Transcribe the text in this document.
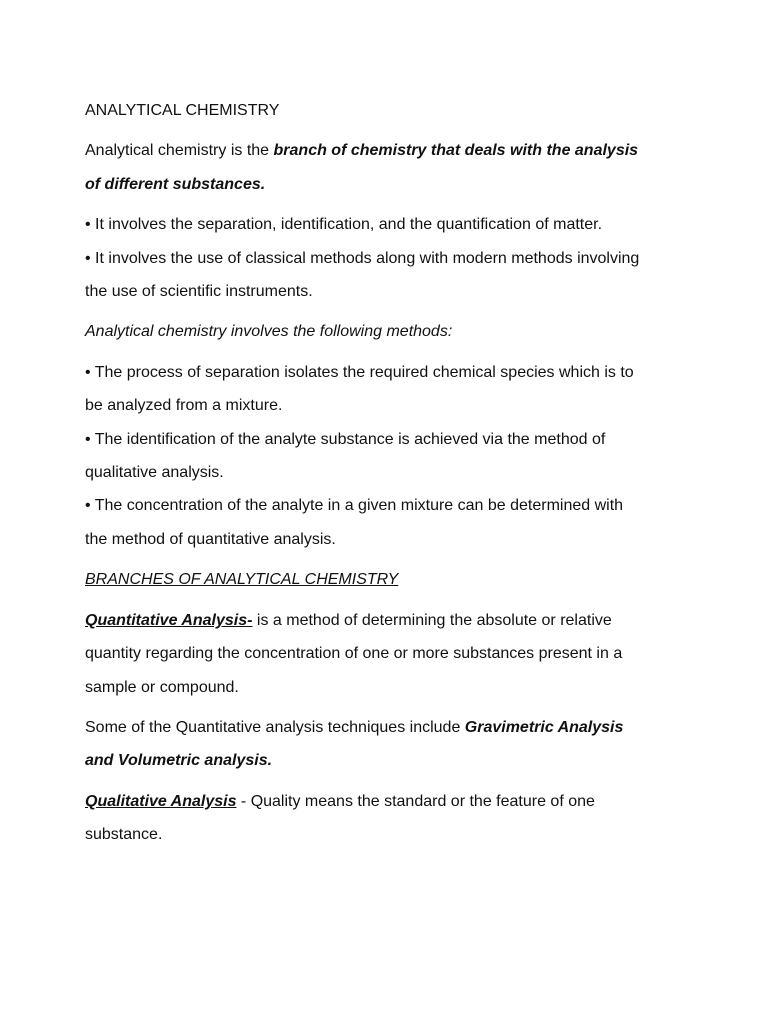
ANALYTICAL CHEMISTRY

Analytical chemistry is the branch of chemistry that deals with the analysis of different substances.

• It involves the separation, identification, and the quantification of matter.

• It involves the use of classical methods along with modern methods involving the use of scientific instruments.

Analytical chemistry involves the following methods:

• The process of separation isolates the required chemical species which is to be analyzed from a mixture.

• The identification of the analyte substance is achieved via the method of qualitative analysis.

• The concentration of the analyte in a given mixture can be determined with the method of quantitative analysis.

BRANCHES OF ANALYTICAL CHEMISTRY

Quantitative Analysis- is a method of determining the absolute or relative quantity regarding the concentration of one or more substances present in a sample or compound.

Some of the Quantitative analysis techniques include Gravimetric Analysis and Volumetric analysis.

Qualitative Analysis - Quality means the standard or the feature of one substance.
